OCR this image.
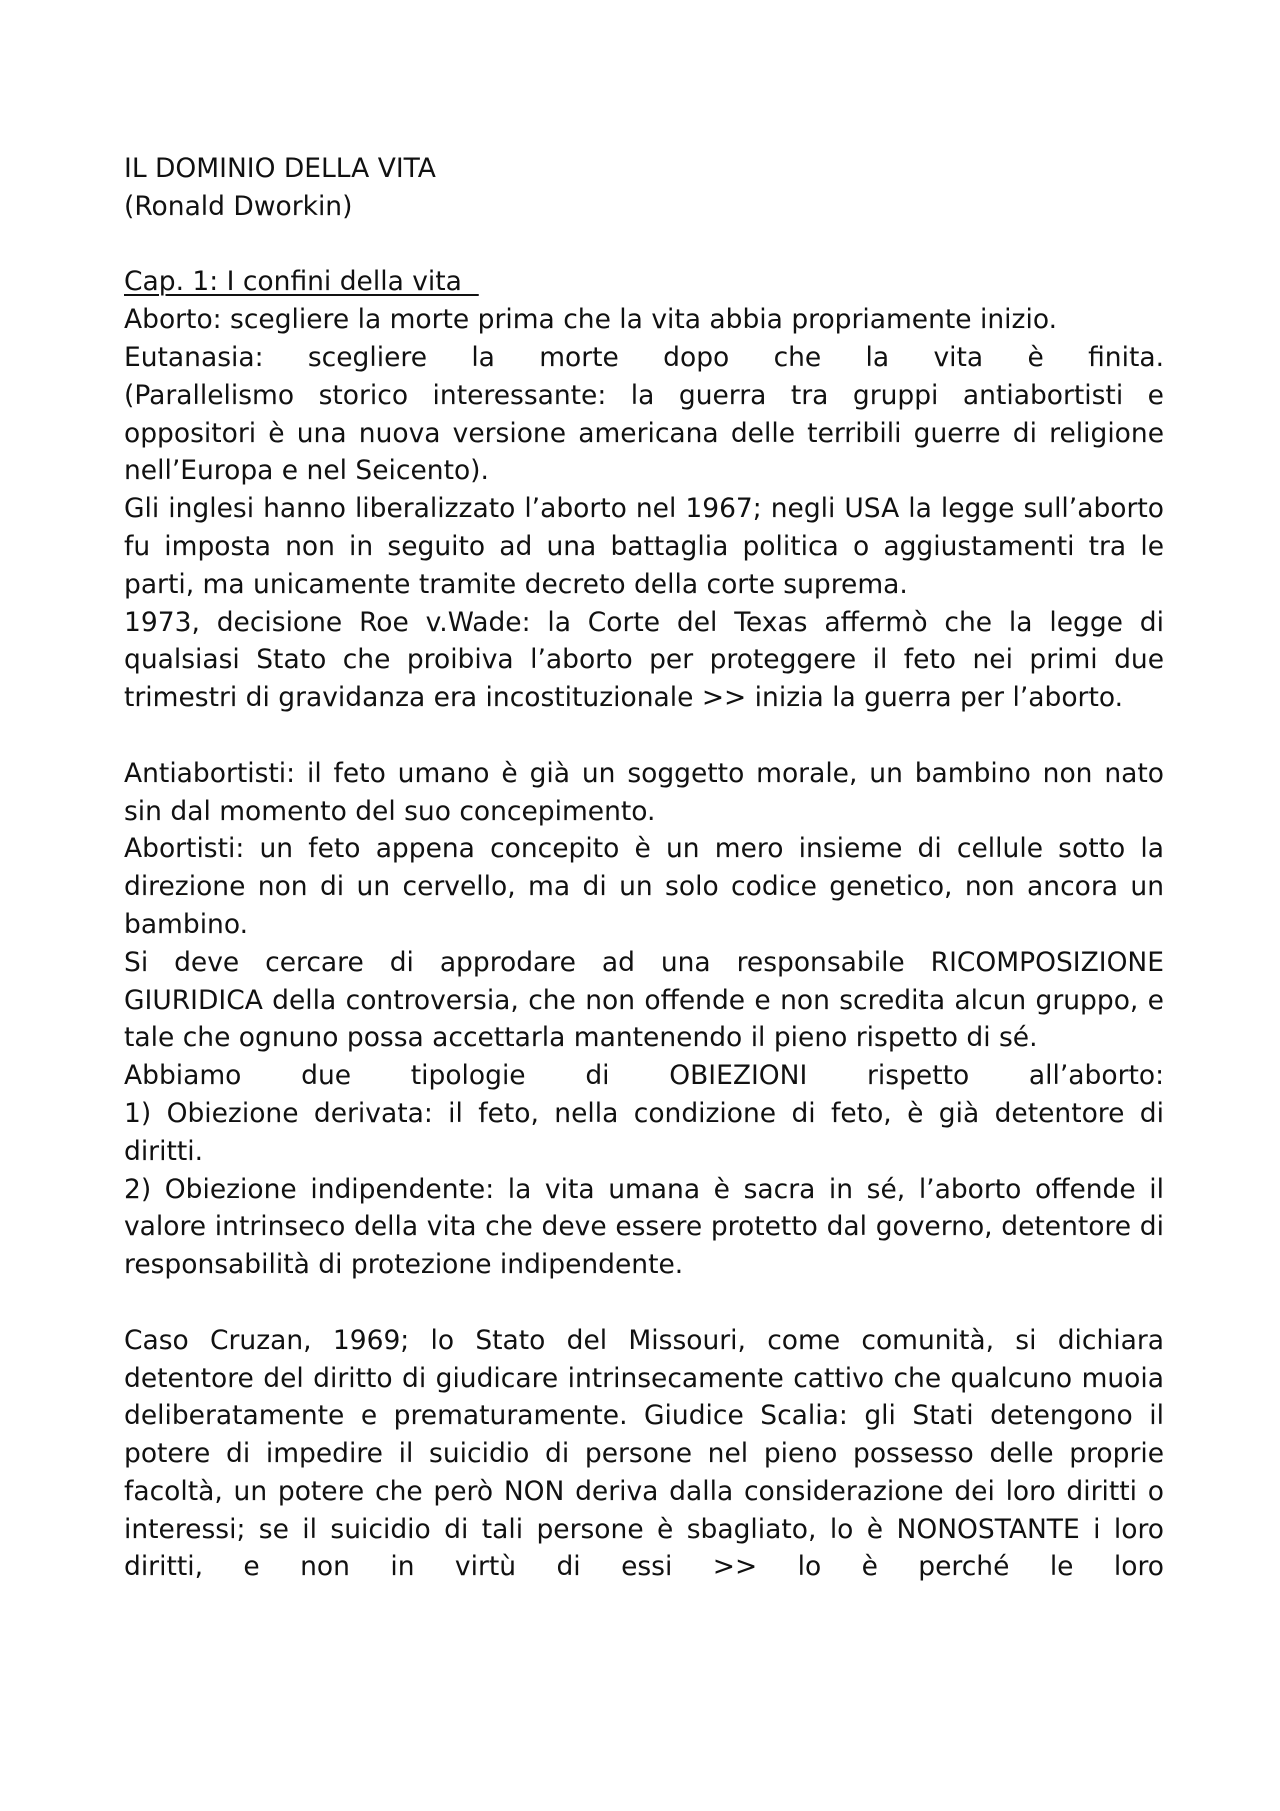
IL DOMINIO DELLA VITA

(Ronald Dworkin)

Cap. 1: I confini della vita

Aborto: scegliere la morte prima che la vita abbia propriamente inizio.

Eutanasia: scegliere la morte dopo che la vita è finita.

(Parallelismo storico interessante: la guerra tra gruppi antiabortisti e oppositori è una nuova versione americana delle terribili guerre di religione nell’Europa e nel Seicento).

Gli inglesi hanno liberalizzato l’aborto nel 1967; negli USA la legge sull’aborto fu imposta non in seguito ad una battaglia politica o aggiustamenti tra le parti, ma unicamente tramite decreto della corte suprema.

1973, decisione Roe v.Wade: la Corte del Texas affermò che la legge di qualsiasi Stato che proibiva l’aborto per proteggere il feto nei primi due trimestri di gravidanza era incostituzionale >> inizia la guerra per l’aborto.

Antiabortisti: il feto umano è già un soggetto morale, un bambino non nato sin dal momento del suo concepimento.

Abortisti: un feto appena concepito è un mero insieme di cellule sotto la direzione non di un cervello, ma di un solo codice genetico, non ancora un bambino.

Si deve cercare di approdare ad una responsabile RICOMPOSIZIONE GIURIDICA della controversia, che non offende e non scredita alcun gruppo, e tale che ognuno possa accettarla mantenendo il pieno rispetto di sé.

Abbiamo due tipologie di OBIEZIONI rispetto all’aborto:

1) Obiezione derivata: il feto, nella condizione di feto, è già detentore di diritti.

2) Obiezione indipendente: la vita umana è sacra in sé, l’aborto offende il valore intrinseco della vita che deve essere protetto dal governo, detentore di responsabilità di protezione indipendente.

Caso Cruzan, 1969; lo Stato del Missouri, come comunità, si dichiara detentore del diritto di giudicare intrinsecamente cattivo che qualcuno muoia deliberatamente e prematuramente. Giudice Scalia: gli Stati detengono il potere di impedire il suicidio di persone nel pieno possesso delle proprie facoltà, un potere che però NON deriva dalla considerazione dei loro diritti o interessi; se il suicidio di tali persone è sbagliato, lo è NONOSTANTE i loro diritti, e non in virtù di essi >> lo è perché le loro
